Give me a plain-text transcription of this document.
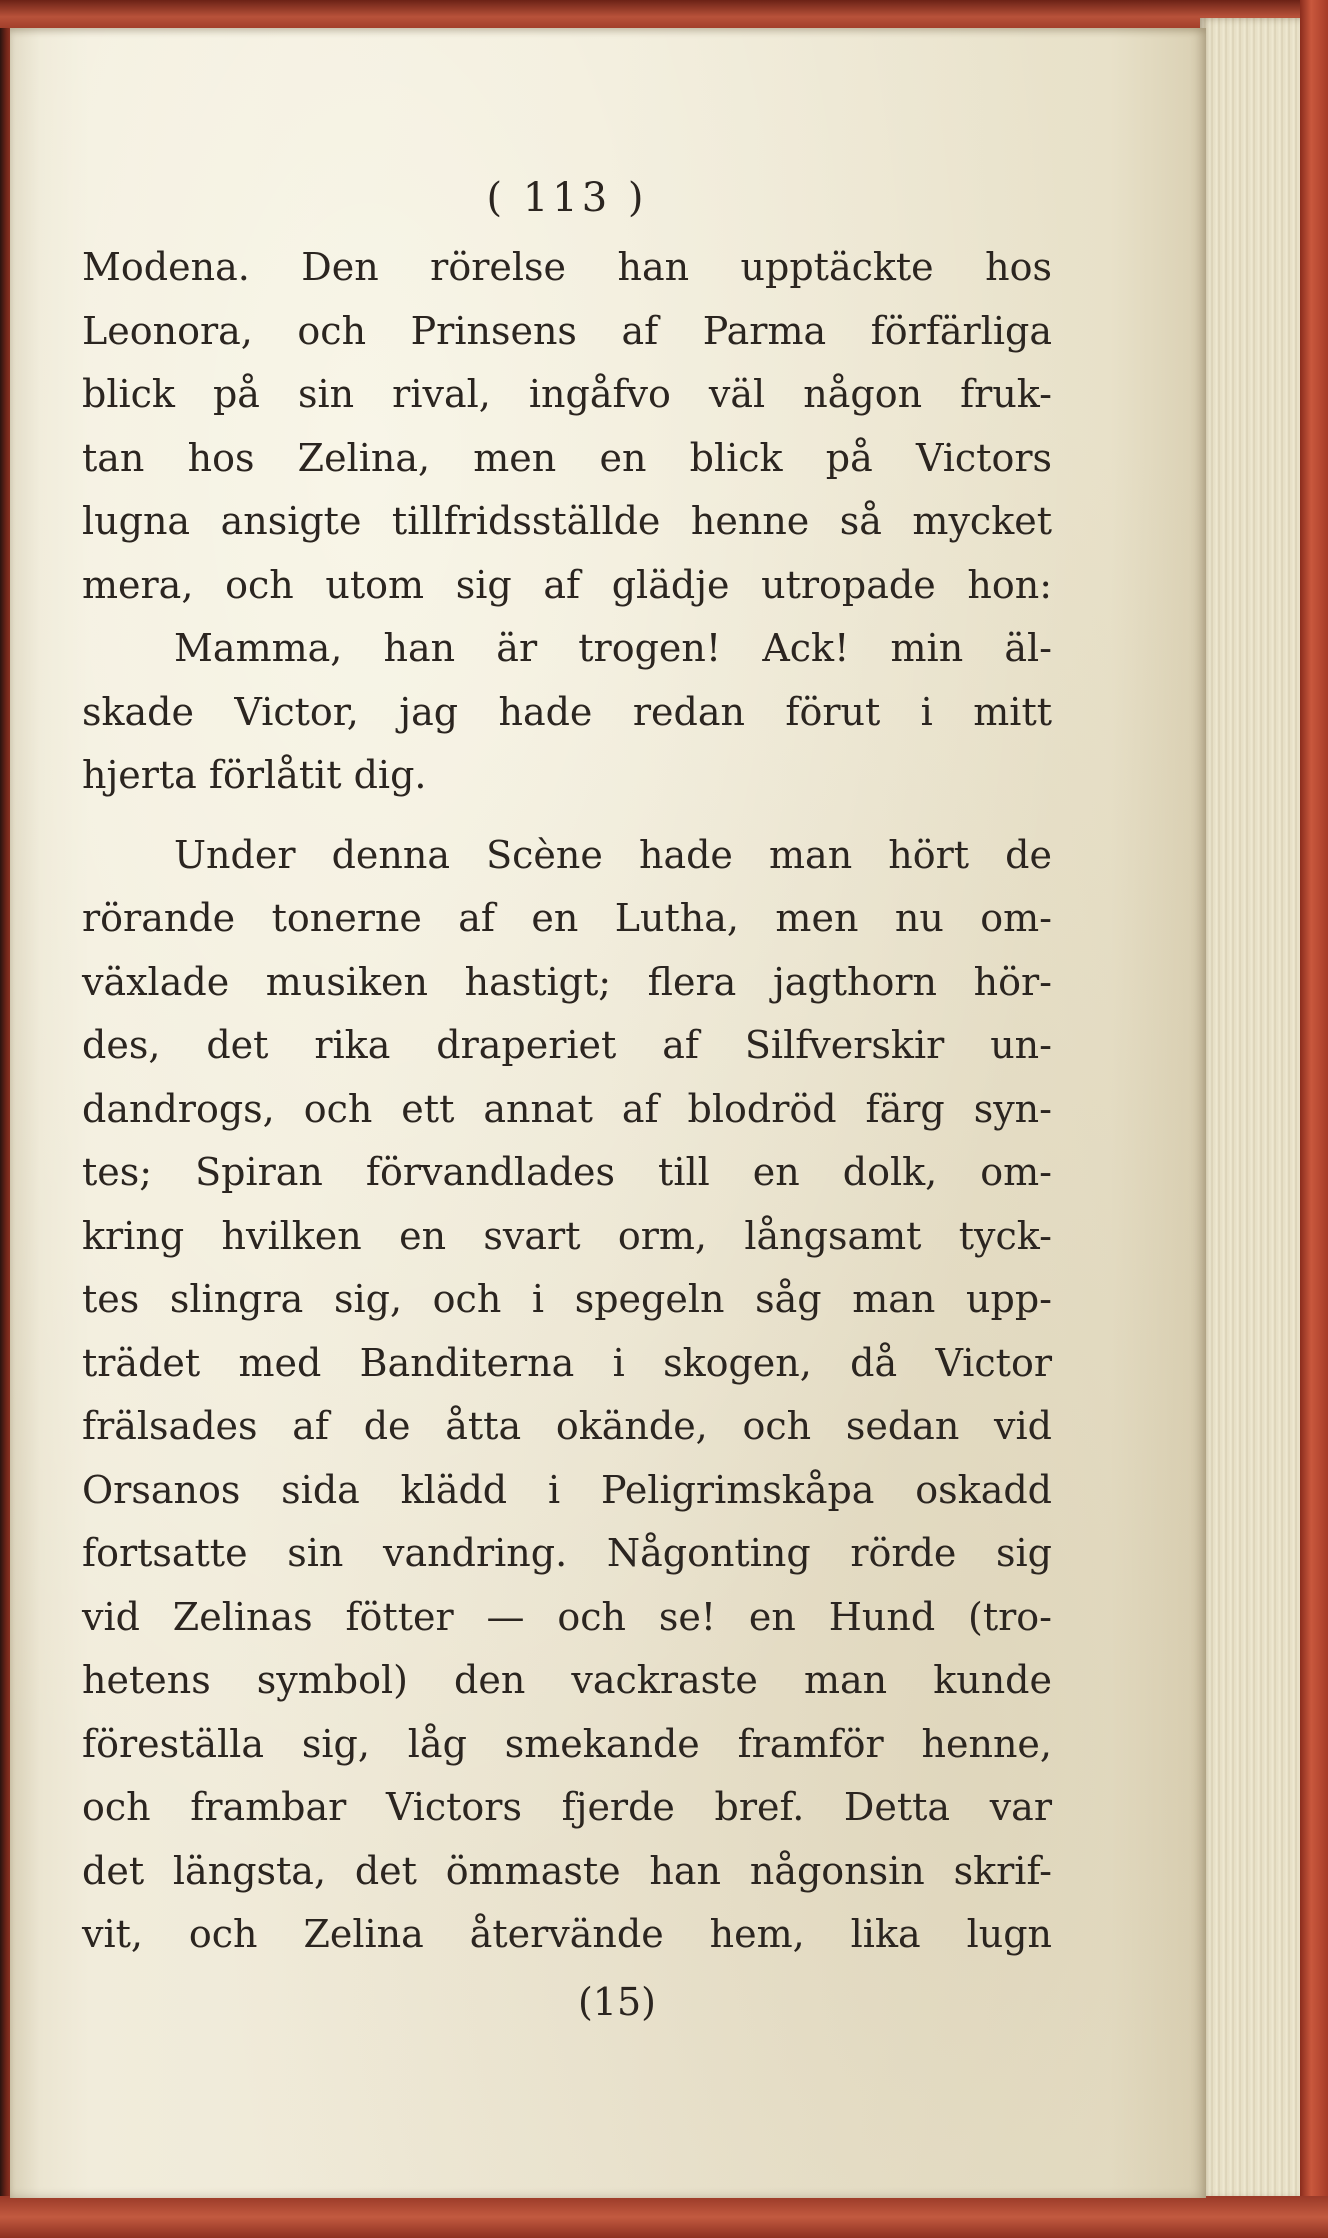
( 113 )
Modena. Den rörelse han upptäckte hos
Leonora, och Prinsens af Parma förfärliga
blick på sin rival, ingåfvo väl någon fruk-
tan hos Zelina, men en blick på Victors
lugna ansigte tillfridsställde henne så mycket
mera, och utom sig af glädje utropade hon:
Mamma, han är trogen! Ack! min äl-
skade Victor, jag hade redan förut i mitt
hjerta förlåtit dig.
Under denna Scène hade man hört de
rörande tonerne af en Lutha, men nu om-
växlade musiken hastigt; flera jagthorn hör-
des, det rika draperiet af Silfverskir un-
dandrogs, och ett annat af blodröd färg syn-
tes; Spiran förvandlades till en dolk, om-
kring hvilken en svart orm, långsamt tyck-
tes slingra sig, och i spegeln såg man upp-
trädet med Banditerna i skogen, då Victor
frälsades af de åtta okände, och sedan vid
Orsanos sida klädd i Peligrimskåpa oskadd
fortsatte sin vandring. Någonting rörde sig
vid Zelinas fötter — och se! en Hund (tro-
hetens symbol) den vackraste man kunde
föreställa sig, låg smekande framför henne,
och frambar Victors fjerde bref. Detta var
det längsta, det ömmaste han någonsin skrif-
vit, och Zelina återvände hem, lika lugn
(15)
